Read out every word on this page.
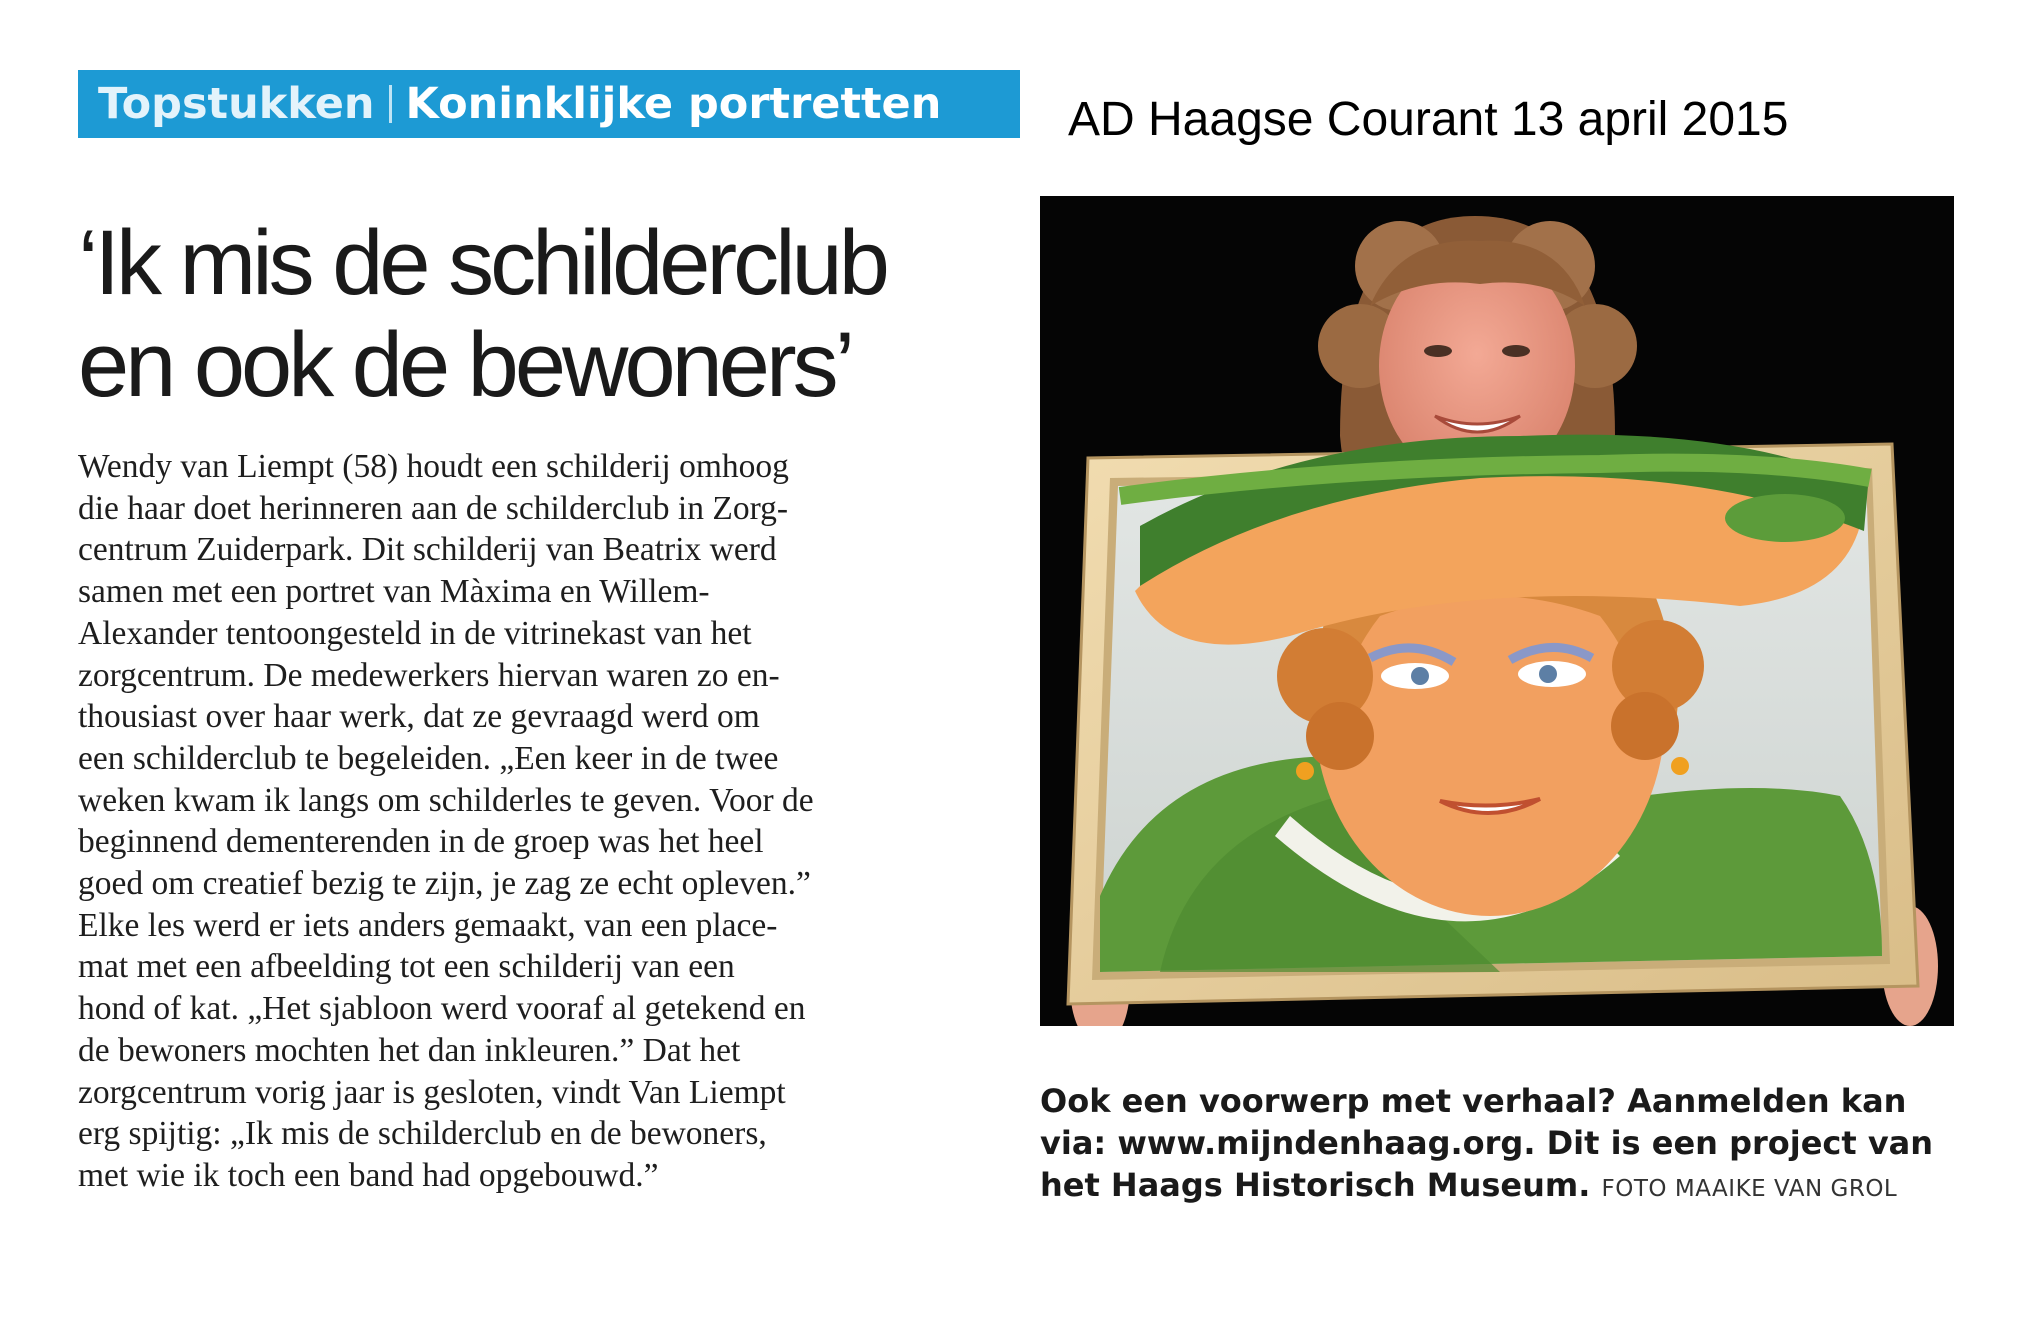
Topstukken Koninklijke portretten	AD Haagse Courant 13 april 2015
‘Ik mis de schilderclub
en ook de bewoners’
Wendy van Liempt (58) houdt een schilderij omhoog
die haar doet herinneren aan de schilderclub in Zorg-
centrum Zuiderpark. Dit schilderij van Beatrix werd
samen met een portret van Màxima en Willem-
Alexander tentoongesteld in de vitrinekast van het
zorgcentrum. De medewerkers hiervan waren zo en-
thousiast over haar werk, dat ze gevraagd werd om
een schilderclub te begeleiden. „Een keer in de twee
weken kwam ik langs om schilderles te geven. Voor de
beginnend dementerenden in de groep was het heel
goed om creatief bezig te zijn, je zag ze echt opleven.”
Elke les werd er iets anders gemaakt, van een place-
mat met een afbeelding tot een schilderij van een
hond of kat. „Het sjabloon werd vooraf al getekend en
de bewoners mochten het dan inkleuren.” Dat het
zorgcentrum vorig jaar is gesloten, vindt Van Liempt
erg spijtig: „Ik mis de schilderclub en de bewoners,
met wie ik toch een band had opgebouwd.”
Ook een voorwerp met verhaal? Aanmelden kan
via: www.mijndenhaag.org. Dit is een project van
het Haags Historisch Museum. FOTO MAAIKE VAN GROL
